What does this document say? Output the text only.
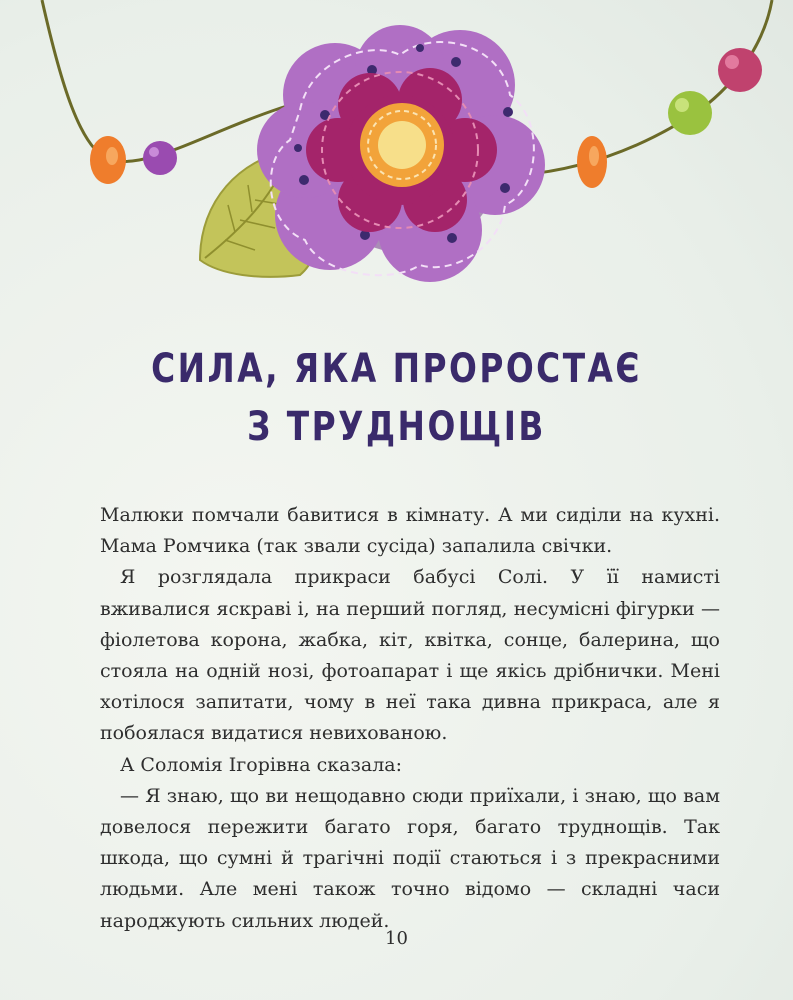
СИЛА, ЯКА ПРОРОСТАЄ
З ТРУДНОЩІВ

Малюки помчали бавитися в кімнату. А ми сиділи на кухні. Мама Ромчика (так звали сусіда) запалила свічки.

Я розглядала прикраси бабусі Солі. У її намисті вживалися яскраві і, на перший погляд, несумісні фігурки — фіолетова корона, жабка, кіт, квітка, сонце, балерина, що стояла на одній нозі, фотоапарат і ще якісь дрібнички. Мені хотілося запитати, чому в неї така дивна прикраса, але я побоялася видатися невихованою.

А Соломія Ігорівна сказала:

— Я знаю, що ви нещодавно сюди приїхали, і знаю, що вам довелося пережити багато горя, багато труднощів. Так шкода, що сумні й трагічні події стаються і з прекрасними людьми. Але мені також точно відомо — складні часи народжують сильних людей.

10
